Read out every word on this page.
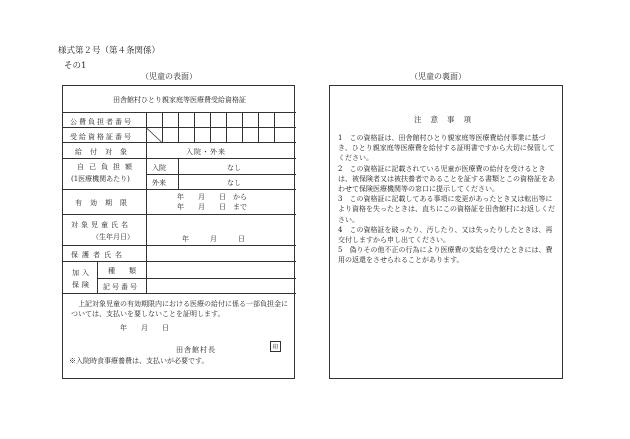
様式第２号（第４条関係）
その1
（児童の表面）	（児童の裏面）
田舎館村ひとり親家庭等医療費受給資格証
公費負担者番号
受給資格証番号
給付対象	入院・外来
自己負担額
(1医療機関あたり)
入院	なし
外来	なし
有効期限
年　　月　　日　から
年　　月　　日　まで
対象児童氏名
（生年月日）	年　　　月　　　日
保護者氏名
加入
保険
種類
記号番号
上記対象児童の有効期限内における医療の給付に係る一部負担金については、支払いを要しないことを証明します。
年　　月　　日
田舎館村長
※入院時食事療養費は、支払いが必要です。
印
注意事項

1　この資格証は、田舎館村ひとり親家庭等医療費給付事業に基づき、ひとり親家庭等医療費を給付する証明書ですから大切に保管してください。

2　この資格証に記載されている児童が医療費の給付を受けるときは、被保険者又は被扶養者であることを証する書類とこの資格証をあわせて保険医療機関等の窓口に提示してください。

3　この資格証に記載してある事項に変更があったとき又は転出等により資格を失ったときは、直ちにこの資格証を田舎館村にお返しください。

4　この資格証を破ったり、汚したり、又は失ったりしたときは、再交付しますから申し出てください。

5　偽りその他不正の行為により医療費の支給を受けたときには、費用の返還をさせられることがあります。
